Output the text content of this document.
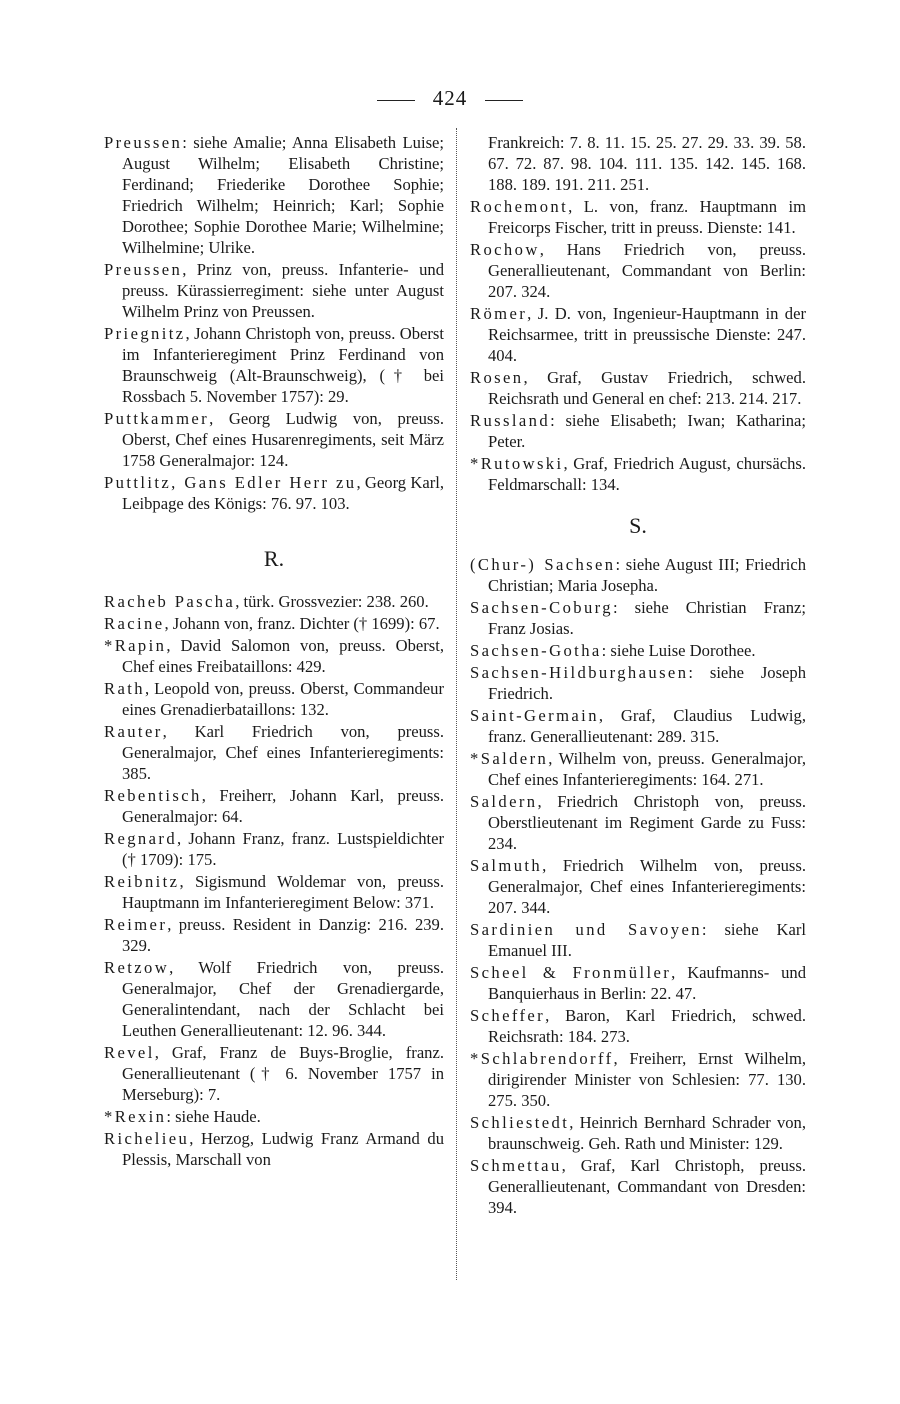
424
Preussen: siehe Amalie; Anna Elisabeth Luise; August Wilhelm; Elisabeth Christine; Ferdinand; Friederike Dorothee Sophie; Friedrich Wilhelm; Heinrich; Karl; Sophie Dorothee; Sophie Dorothee Marie; Wilhelmine; Wilhelmine; Ulrike.
Preussen, Prinz von, preuss. Infanterie- und preuss. Kürassierregiment: siehe unter August Wilhelm Prinz von Preussen.
Priegnitz, Johann Christoph von, preuss. Oberst im Infanterieregiment Prinz Ferdinand von Braunschweig (Alt-Braunschweig), († bei Rossbach 5. November 1757): 29.
Puttkammer, Georg Ludwig von, preuss. Oberst, Chef eines Husarenregiments, seit März 1758 Generalmajor: 124.
Puttlitz, Gans Edler Herr zu, Georg Karl, Leibpage des Königs: 76. 97. 103.
R.
Racheb Pascha, türk. Grossvezier: 238. 260.
Racine, Johann von, franz. Dichter († 1699): 67.
*Rapin, David Salomon von, preuss. Oberst, Chef eines Freibataillons: 429.
Rath, Leopold von, preuss. Oberst, Commandeur eines Grenadierbataillons: 132.
Rauter, Karl Friedrich von, preuss. Generalmajor, Chef eines Infanterieregiments: 385.
Rebentisch, Freiherr, Johann Karl, preuss. Generalmajor: 64.
Regnard, Johann Franz, franz. Lustspieldichter († 1709): 175.
Reibnitz, Sigismund Woldemar von, preuss. Hauptmann im Infanterieregiment Below: 371.
Reimer, preuss. Resident in Danzig: 216. 239. 329.
Retzow, Wolf Friedrich von, preuss. Generalmajor, Chef der Grenadiergarde, Generalintendant, nach der Schlacht bei Leuthen Generallieutenant: 12. 96. 344.
Revel, Graf, Franz de Buys-Broglie, franz. Generallieutenant († 6. November 1757 in Merseburg): 7.
*Rexin: siehe Haude.
Richelieu, Herzog, Ludwig Franz Armand du Plessis, Marschall von
Frankreich: 7. 8. 11. 15. 25. 27. 29. 33. 39. 58. 67. 72. 87. 98. 104. 111. 135. 142. 145. 168. 188. 189. 191. 211. 251.
Rochemont, L. von, franz. Hauptmann im Freicorps Fischer, tritt in preuss. Dienste: 141.
Rochow, Hans Friedrich von, preuss. Generallieutenant, Commandant von Berlin: 207. 324.
Römer, J. D. von, Ingenieur-Hauptmann in der Reichsarmee, tritt in preussische Dienste: 247. 404.
Rosen, Graf, Gustav Friedrich, schwed. Reichsrath und General en chef: 213. 214. 217.
Russland: siehe Elisabeth; Iwan; Katharina; Peter.
*Rutowski, Graf, Friedrich August, chursächs. Feldmarschall: 134.
S.
(Chur-) Sachsen: siehe August III; Friedrich Christian; Maria Josepha.
Sachsen-Coburg: siehe Christian Franz; Franz Josias.
Sachsen-Gotha: siehe Luise Dorothee.
Sachsen-Hildburghausen: siehe Joseph Friedrich.
Saint-Germain, Graf, Claudius Ludwig, franz. Generallieutenant: 289. 315.
*Saldern, Wilhelm von, preuss. Generalmajor, Chef eines Infanterieregiments: 164. 271.
Saldern, Friedrich Christoph von, preuss. Oberstlieutenant im Regiment Garde zu Fuss: 234.
Salmuth, Friedrich Wilhelm von, preuss. Generalmajor, Chef eines Infanterieregiments: 207. 344.
Sardinien und Savoyen: siehe Karl Emanuel III.
Scheel & Fronmüller, Kaufmanns- und Banquierhaus in Berlin: 22. 47.
Scheffer, Baron, Karl Friedrich, schwed. Reichsrath: 184. 273.
*Schlabrendorff, Freiherr, Ernst Wilhelm, dirigirender Minister von Schlesien: 77. 130. 275. 350.
Schliestedt, Heinrich Bernhard Schrader von, braunschweig. Geh. Rath und Minister: 129.
Schmettau, Graf, Karl Christoph, preuss. Generallieutenant, Commandant von Dresden: 394.
